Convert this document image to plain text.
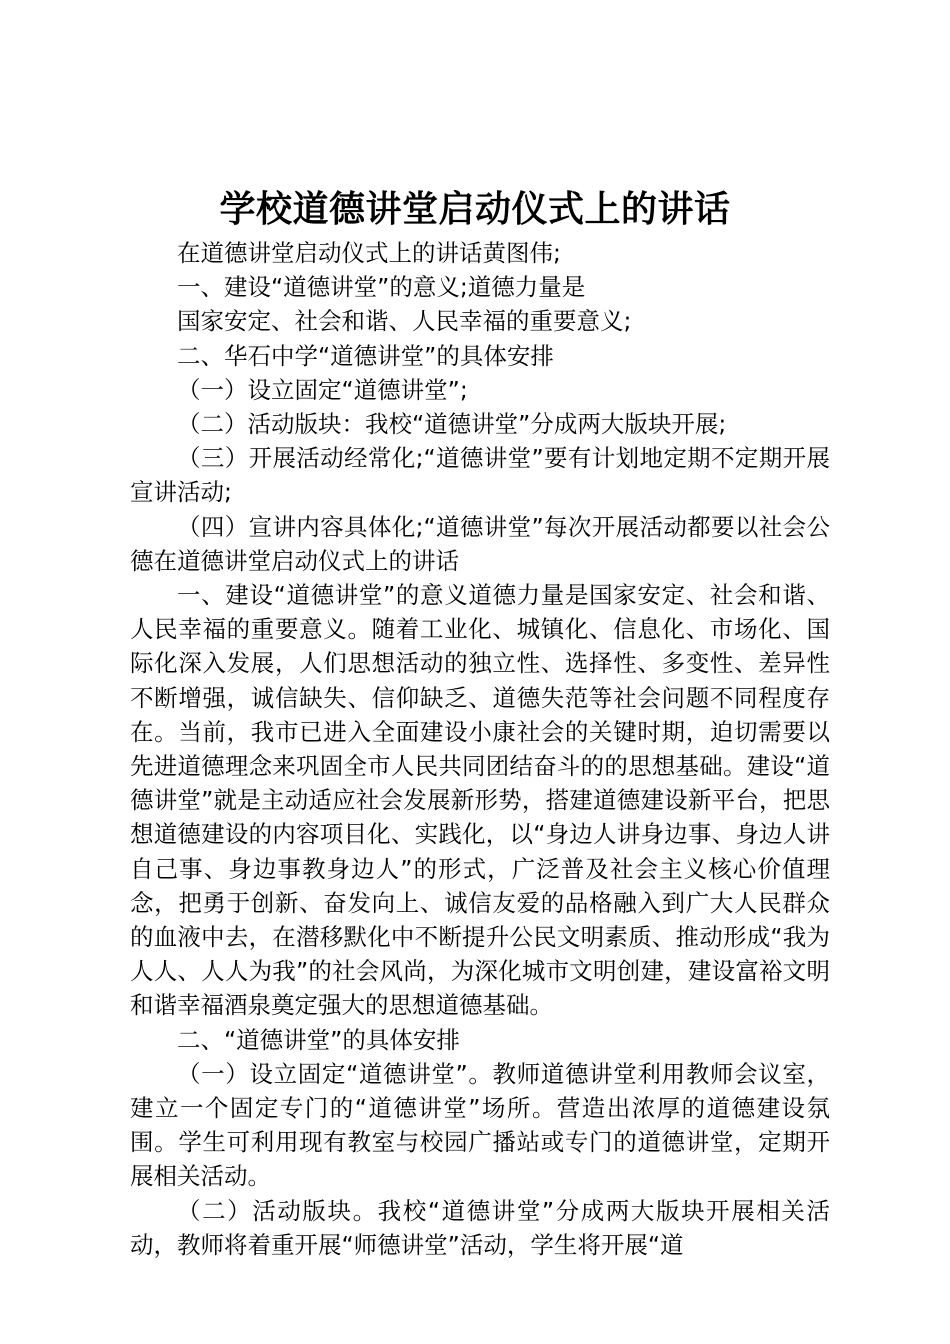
学校道德讲堂启动仪式上的讲话

在道德讲堂启动仪式上的讲话黄图伟;

一、建设“道德讲堂”的意义;道德力量是

国家安定、社会和谐、人民幸福的重要意义;

二、华石中学“道德讲堂”的具体安排

（一）设立固定“道德讲堂”;

（二）活动版块：我校“道德讲堂”分成两大版块开展;

（三）开展活动经常化;“道德讲堂”要有计划地定期不定期开展宣讲活动;

（四）宣讲内容具体化;“道德讲堂”每次开展活动都要以社会公德在道德讲堂启动仪式上的讲话

一、建设“道德讲堂”的意义道德力量是国家安定、社会和谐、人民幸福的重要意义。随着工业化、城镇化、信息化、市场化、国际化深入发展，人们思想活动的独立性、选择性、多变性、差异性不断增强，诚信缺失、信仰缺乏、道德失范等社会问题不同程度存在。当前，我市已进入全面建设小康社会的关键时期，迫切需要以先进道德理念来巩固全市人民共同团结奋斗的的思想基础。建设“道德讲堂”就是主动适应社会发展新形势，搭建道德建设新平台，把思想道德建设的内容项目化、实践化，以“身边人讲身边事、身边人讲自己事、身边事教身边人”的形式，广泛普及社会主义核心价值理念，把勇于创新、奋发向上、诚信友爱的品格融入到广大人民群众的血液中去，在潜移默化中不断提升公民文明素质、推动形成“我为人人、人人为我”的社会风尚，为深化城市文明创建，建设富裕文明和谐幸福酒泉奠定强大的思想道德基础。

二、“道德讲堂”的具体安排

（一）设立固定“道德讲堂”。教师道德讲堂利用教师会议室，建立一个固定专门的“道德讲堂”场所。营造出浓厚的道德建设氛围。学生可利用现有教室与校园广播站或专门的道德讲堂，定期开展相关活动。

（二）活动版块。我校“道德讲堂”分成两大版块开展相关活动，教师将着重开展“师德讲堂”活动，学生将开展“道
